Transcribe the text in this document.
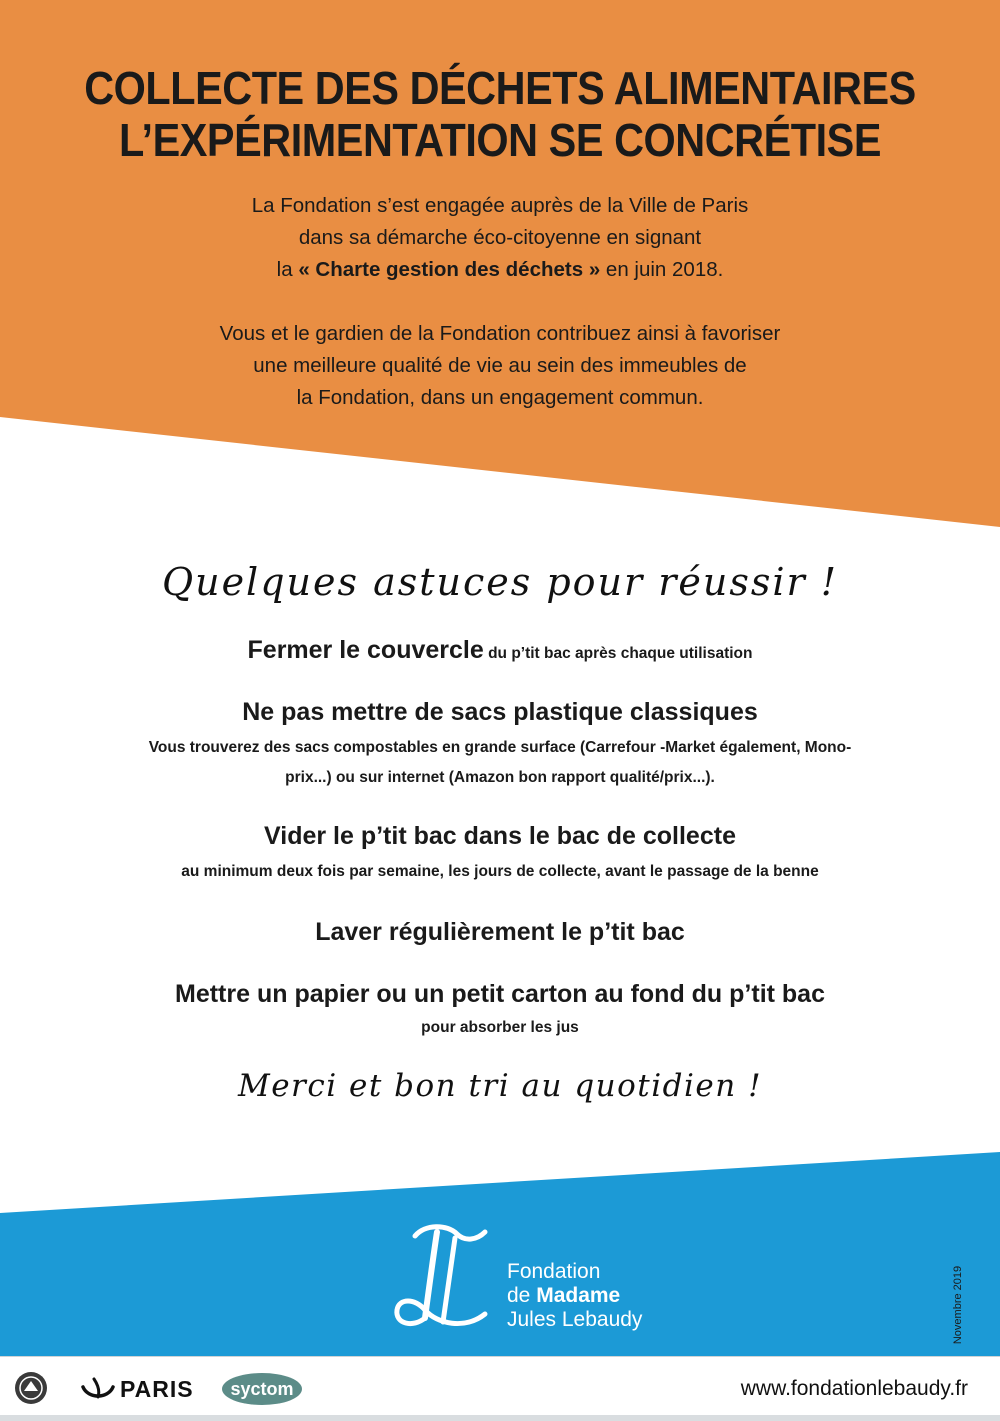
COLLECTE DES DÉCHETS ALIMENTAIRES
L’EXPÉRIMENTATION SE CONCRÉTISE

La Fondation s’est engagée auprès de la Ville de Paris

dans sa démarche éco-citoyenne en signant

la « Charte gestion des déchets » en juin 2018.

Vous et le gardien de la Fondation contribuez ainsi à favoriser

une meilleure qualité de vie au sein des immeubles de

la Fondation, dans un engagement commun.

Quelques astuces pour réussir !
Fermer le couvercle du p’tit bac après chaque utilisation
Ne pas mettre de sacs plastique classiques
Vous trouverez des sacs compostables en grande surface (Carrefour -Market également, Mono-
prix...) ou sur internet (Amazon bon rapport qualité/prix...).
Vider le p’tit bac dans le bac de collecte
au minimum deux fois par semaine, les jours de collecte, avant le passage de la benne
Laver régulièrement le p’tit bac
Mettre un papier ou un petit carton au fond du p’tit bac
pour absorber les jus
Merci et bon tri au quotidien !
Fondation
de Madame
Jules Lebaudy	Novembre 2019
PARIS	syctom	www.fondationlebaudy.fr
